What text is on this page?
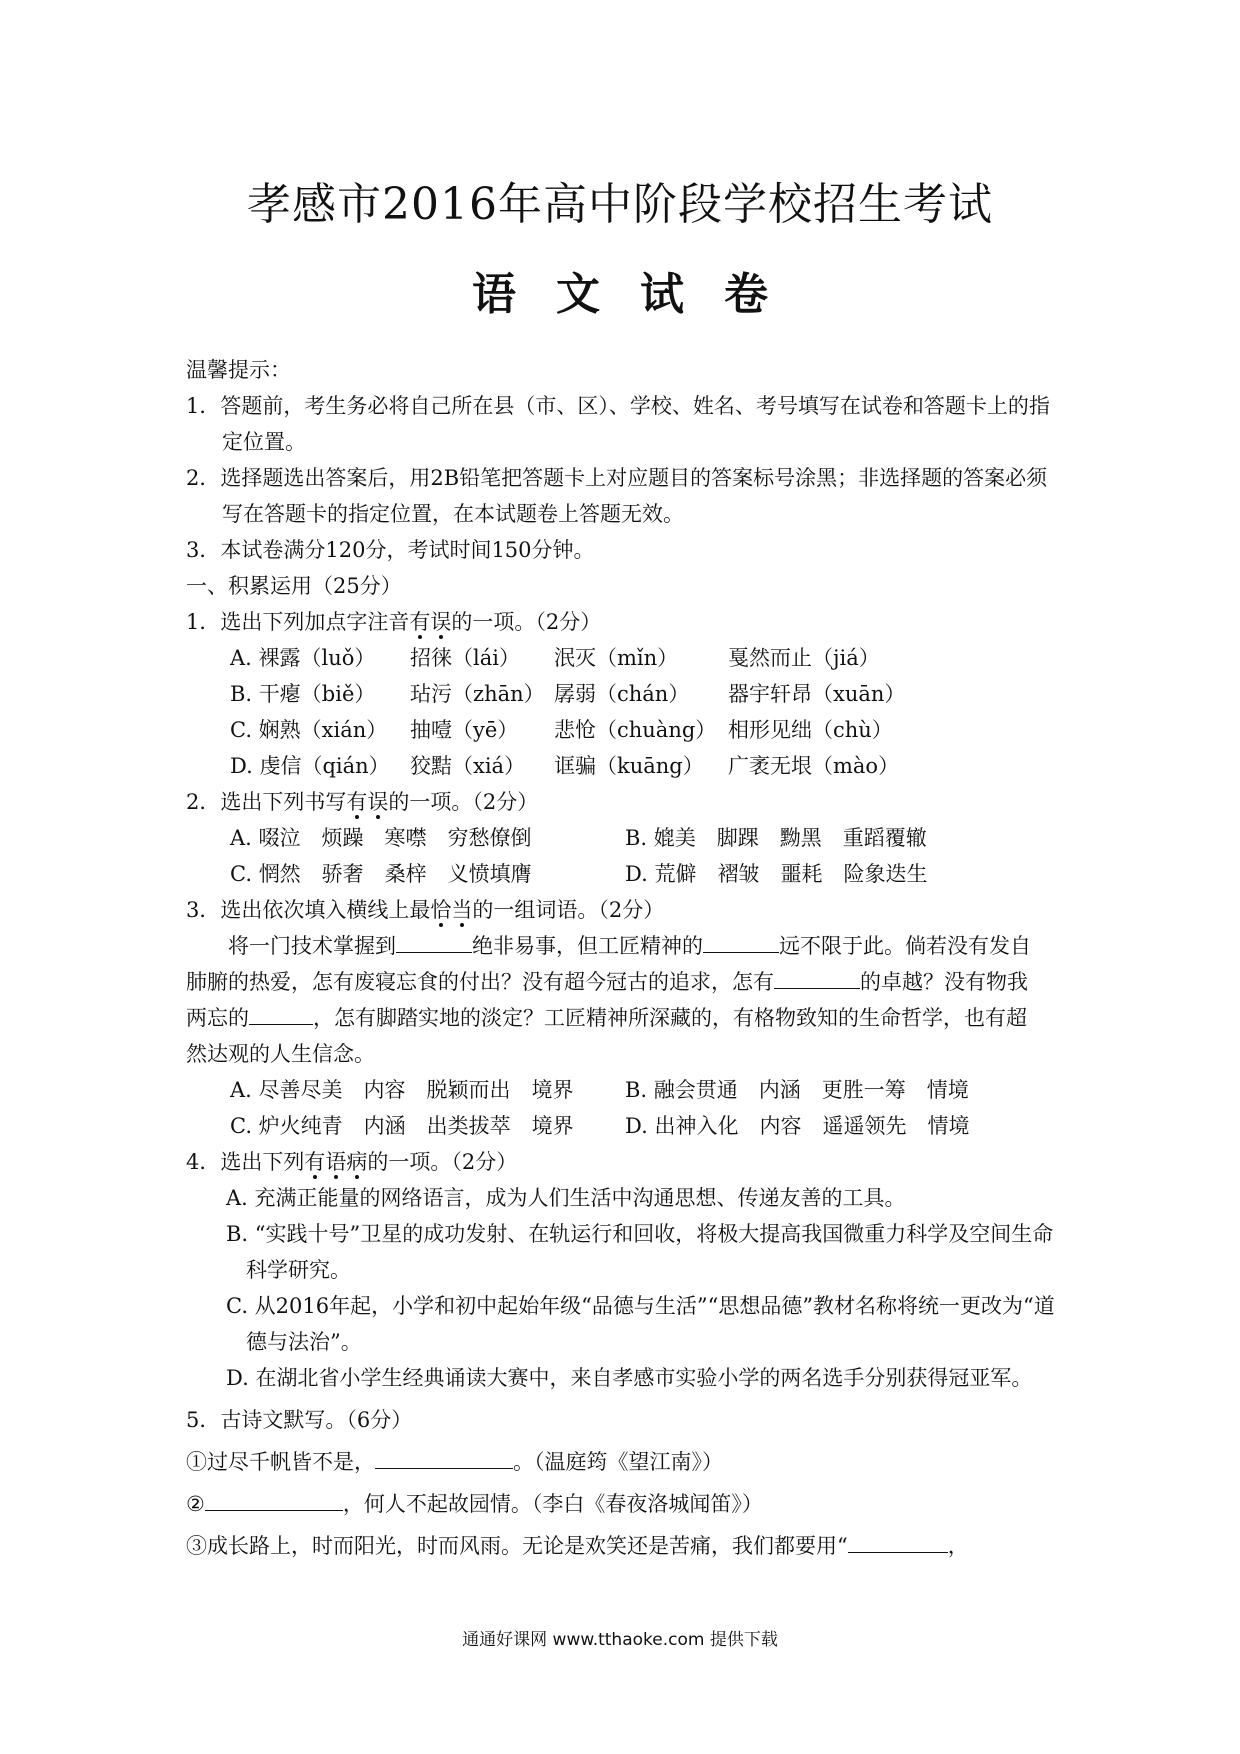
孝感市2016年高中阶段学校招生考试
语 文 试 卷
温馨提示：
1．答题前，考生务必将自己所在县（市、区）、学校、姓名、考号填写在试卷和答题卡上的指定位置。
2．选择题选出答案后，用2B铅笔把答题卡上对应题目的答案标号涂黑；非选择题的答案必须写在答题卡的指定位置，在本试题卷上答题无效。
3．本试卷满分120分，考试时间150分钟。
一、积累运用（25分）
1．选出下列加点字注音有误的一项。（2分）
A. 裸露（luǒ） 招徕（lái） 泯灭（mǐn） 戛然而止（jiá）
B. 干瘪（biě） 玷污（zhān） 孱弱（chán） 器宇轩昂（xuān）
C. 娴熟（xián） 抽噎（yē） 悲怆（chuàng） 相形见绌（chù）
D. 虔信（qián） 狡黠（xiá） 诓骗（kuāng） 广袤无垠（mào）
2．选出下列书写有误的一项。（2分）
A. 啜泣　烦躁　寒噤　穷愁僚倒	B. 媲美　脚踝　黝黑　重蹈覆辙
C. 惘然　骄奢　桑梓　义愤填膺	D. 荒僻　褶皱　噩耗　险象迭生
3．选出依次填入横线上最恰当的一组词语。（2分）
将一门技术掌握到	绝非易事，但工匠精神的	远不限于此。倘若没有发自
肺腑的热爱，怎有废寝忘食的付出？没有超今冠古的追求，怎有	的卓越？没有物我
两忘的	，怎有脚踏实地的淡定？工匠精神所深藏的，有格物致知的生命哲学，也有超
然达观的人生信念。
A. 尽善尽美　内容　脱颖而出　境界 B. 融会贯通　内涵　更胜一筹　情境
C. 炉火纯青　内涵　出类拔萃　境界 D. 出神入化　内容　遥遥领先　情境
4．选出下列有语病的一项。（2分）
A. 充满正能量的网络语言，成为人们生活中沟通思想、传递友善的工具。
B. “实践十号”卫星的成功发射、在轨运行和回收，将极大提高我国微重力科学及空间生命科学研究。
C. 从2016年起，小学和初中起始年级“品德与生活”“思想品德”教材名称将统一更改为“道德与法治”。
D. 在湖北省小学生经典诵读大赛中，来自孝感市实验小学的两名选手分别获得冠亚军。
5．古诗文默写。（6分）
①过尽千帆皆不是，	。（温庭筠《望江南》）
②	，何人不起故园情。（李白《春夜洛城闻笛》）
③成长路上，时而阳光，时而风雨。无论是欢笑还是苦痛，我们都要用“	，
通通好课网 www.tthaoke.com 提供下载
